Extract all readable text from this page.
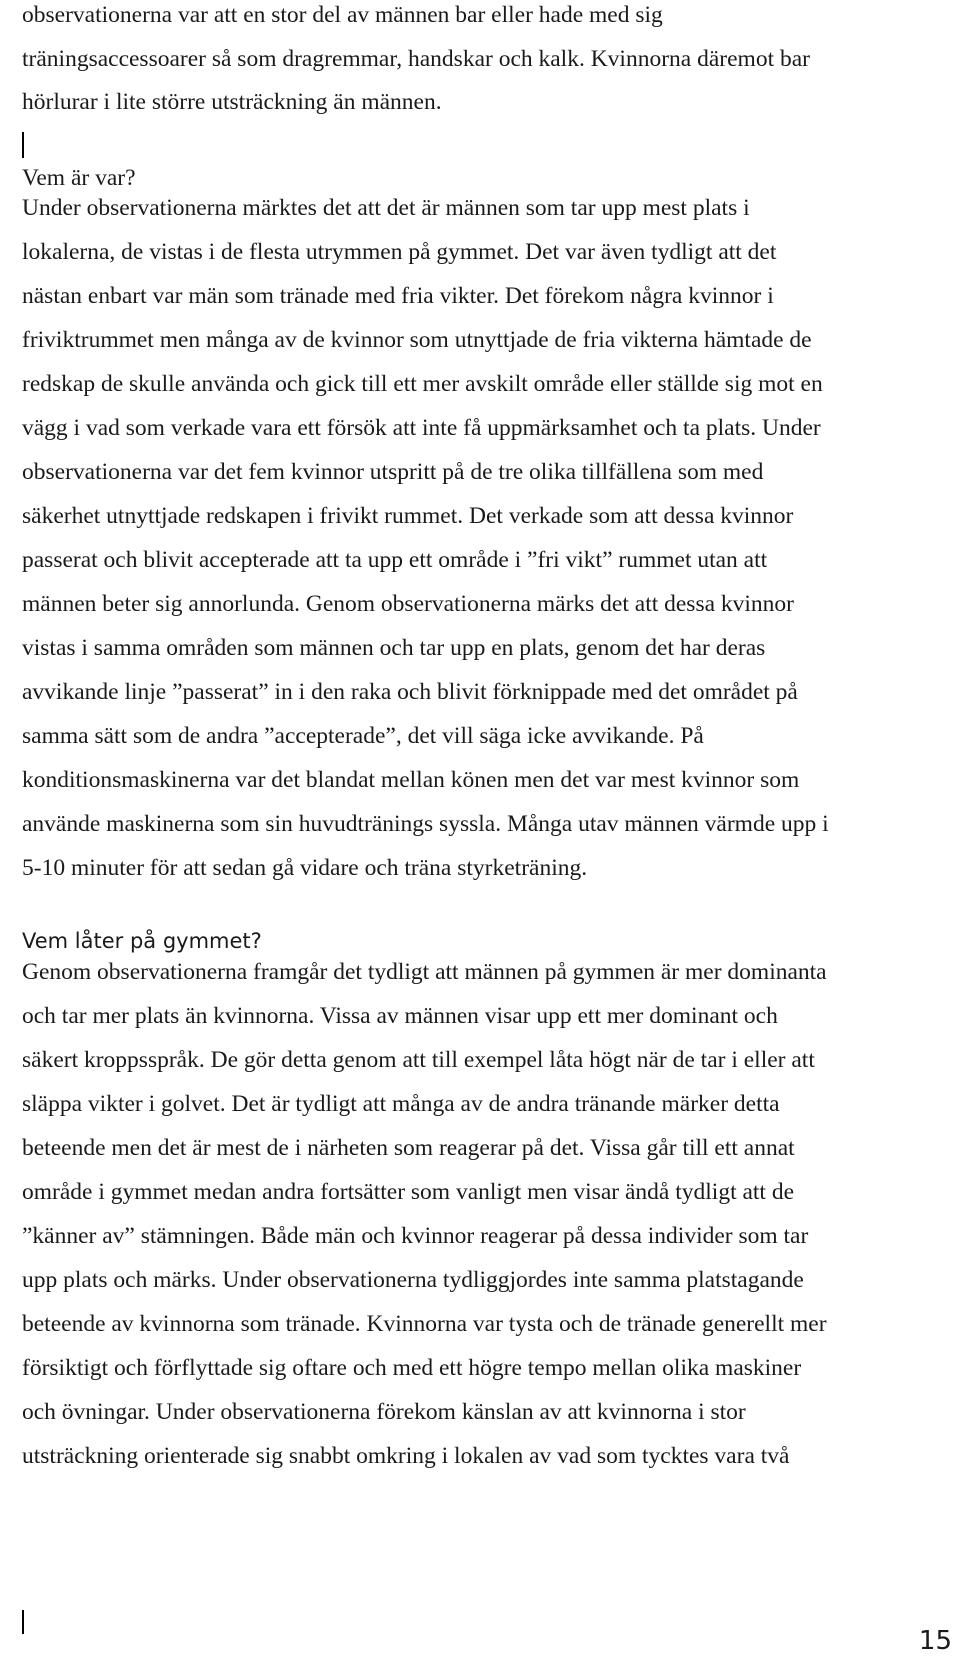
observationerna var att en stor del av männen bar eller hade med sig
träningsaccessoarer så som dragremmar, handskar och kalk. Kvinnorna däremot bar
hörlurar i lite större utsträckning än männen.
Vem är var?
Under observationerna märktes det att det är männen som tar upp mest plats i
lokalerna, de vistas i de flesta utrymmen på gymmet. Det var även tydligt att det
nästan enbart var män som tränade med fria vikter. Det förekom några kvinnor i
friviktrummet men många av de kvinnor som utnyttjade de fria vikterna hämtade de
redskap de skulle använda och gick till ett mer avskilt område eller ställde sig mot en
vägg i vad som verkade vara ett försök att inte få uppmärksamhet och ta plats. Under
observationerna var det fem kvinnor utspritt på de tre olika tillfällena som med
säkerhet utnyttjade redskapen i frivikt rummet. Det verkade som att dessa kvinnor
passerat och blivit accepterade att ta upp ett område i ”fri vikt” rummet utan att
männen beter sig annorlunda. Genom observationerna märks det att dessa kvinnor
vistas i samma områden som männen och tar upp en plats, genom det har deras
avvikande linje ”passerat” in i den raka och blivit förknippade med det området på
samma sätt som de andra ”accepterade”, det vill säga icke avvikande. På
konditionsmaskinerna var det blandat mellan könen men det var mest kvinnor som
använde maskinerna som sin huvudtränings syssla. Många utav männen värmde upp i
5-10 minuter för att sedan gå vidare och träna styrketräning.
Vem låter på gymmet?
Genom observationerna framgår det tydligt att männen på gymmen är mer dominanta
och tar mer plats än kvinnorna. Vissa av männen visar upp ett mer dominant och
säkert kroppsspråk. De gör detta genom att till exempel låta högt när de tar i eller att
släppa vikter i golvet. Det är tydligt att många av de andra tränande märker detta
beteende men det är mest de i närheten som reagerar på det. Vissa går till ett annat
område i gymmet medan andra fortsätter som vanligt men visar ändå tydligt att de
”känner av” stämningen. Både män och kvinnor reagerar på dessa individer som tar
upp plats och märks. Under observationerna tydliggjordes inte samma platstagande
beteende av kvinnorna som tränade. Kvinnorna var tysta och de tränade generellt mer
försiktigt och förflyttade sig oftare och med ett högre tempo mellan olika maskiner
och övningar. Under observationerna förekom känslan av att kvinnorna i stor
utsträckning orienterade sig snabbt omkring i lokalen av vad som tycktes vara två
15
